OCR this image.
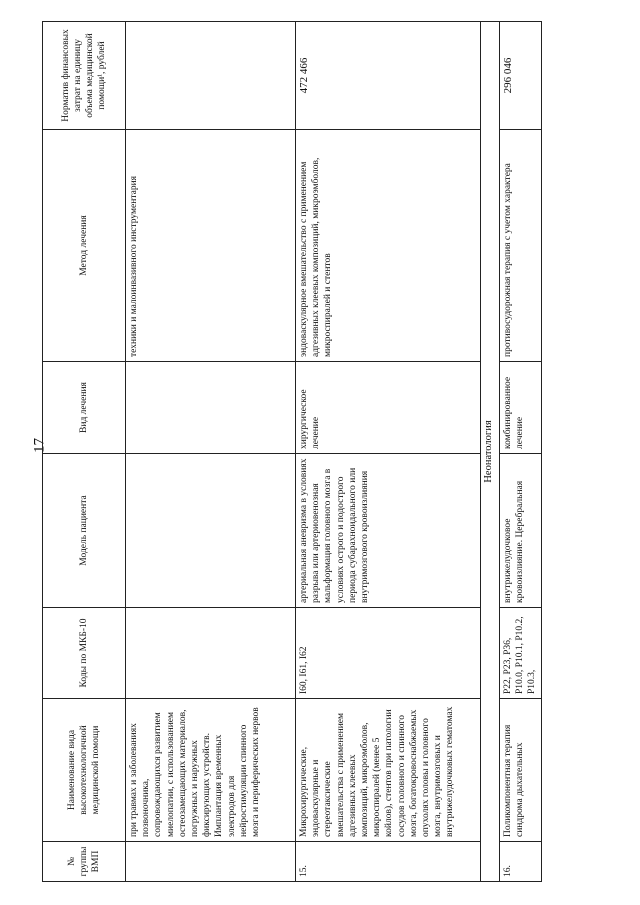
17
№ группы ВМП	Наименование вида высокотехнологичной медицинской помощи	Коды по МКБ-10	Модель пациента	Вид лечения	Метод лечения	Норматив финансовых затрат на единицу объема медицинской помощи¹, рублей
	при травмах и заболеваниях позвоночника, сопровождающихся развитием миелопатии, с использованием остеозамещающих материалов, погружных и наружных фиксирующих устройств. Имплантация временных электродов для нейростимуляции спинного мозга и периферических нервов				техники и малоинвазивного инструментария	
15.	Микрохирургические, эндоваскулярные и стереотаксические вмешательства с применением адгезивных клеевых композиций, микроэмболов, микроспиралей (менее 5 койлов), стентов при патологии сосудов головного и спинного мозга, богатокровоснабжаемых опухолях головы и головного мозга, внутримозговых и внутрижелудочковых гематомах	I60, I61, I62	артериальная аневризма в условиях разрыва или артериовенозная мальформация головного мозга в условиях острого и подострого периода субарахноидального или внутримозгового кровоизлияния	хирургическое лечение	эндоваскулярное вмешательство с применением адгезивных клеевых композиций, микроэмболов, микроспиралей и стентов	472 466
Неонатология						
16.	Поликомпонентная терапия синдрома дыхательных	P22, P23, P36, P10.0, P10.1, P10.2, P10.3,	внутрижелудочковое кровоизлияние. Церебральная	комбинированное лечение	противосудорожная терапия с учетом характера	296 046
